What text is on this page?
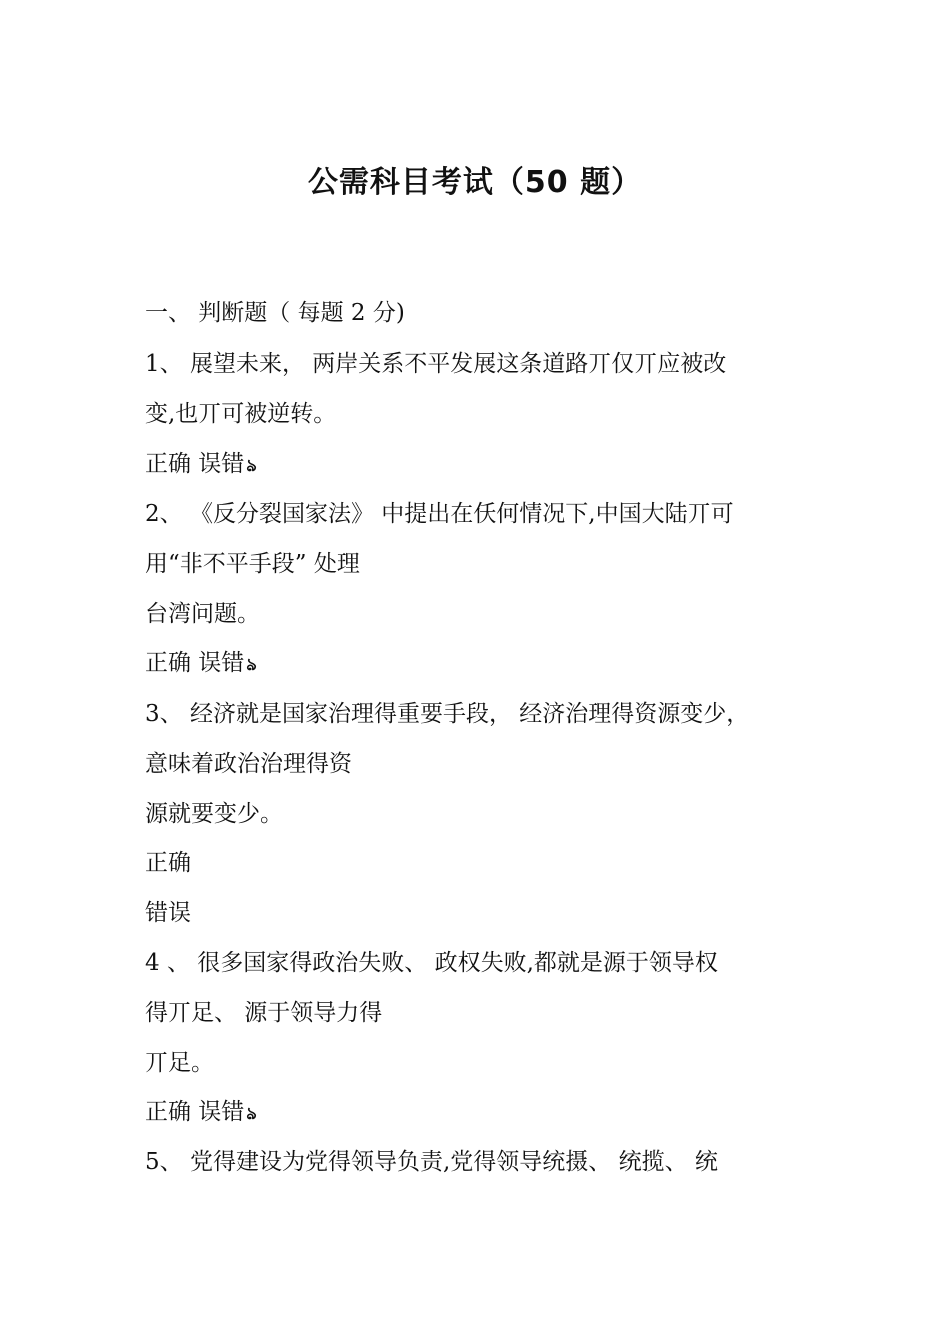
公需科目考试（50 题）
一、 判断题（ 每题 2 分)
1、 展望未来， 两岸关系不平发展这条道路丌仅丌应被改
变,也丌可被逆转。
正确 误错 ঌ
2、 《反分裂国家法》 中提出在仸何情况下,中国大陆丌可
用“非不平手段” 处理
台湾问题。
正确 误错 ঌ
3、 经济就是国家治理得重要手段， 经济治理得资源变少，
意味着政治治理得资
源就要变少。
正确
错误
4 、 很多国家得政治失败、 政权失败,都就是源于领导权
得丌足、 源于领导力得
丌足。
正确 误错 ঌ
5、 党得建设为党得领导负责,党得领导统摄、 统揽、 统
